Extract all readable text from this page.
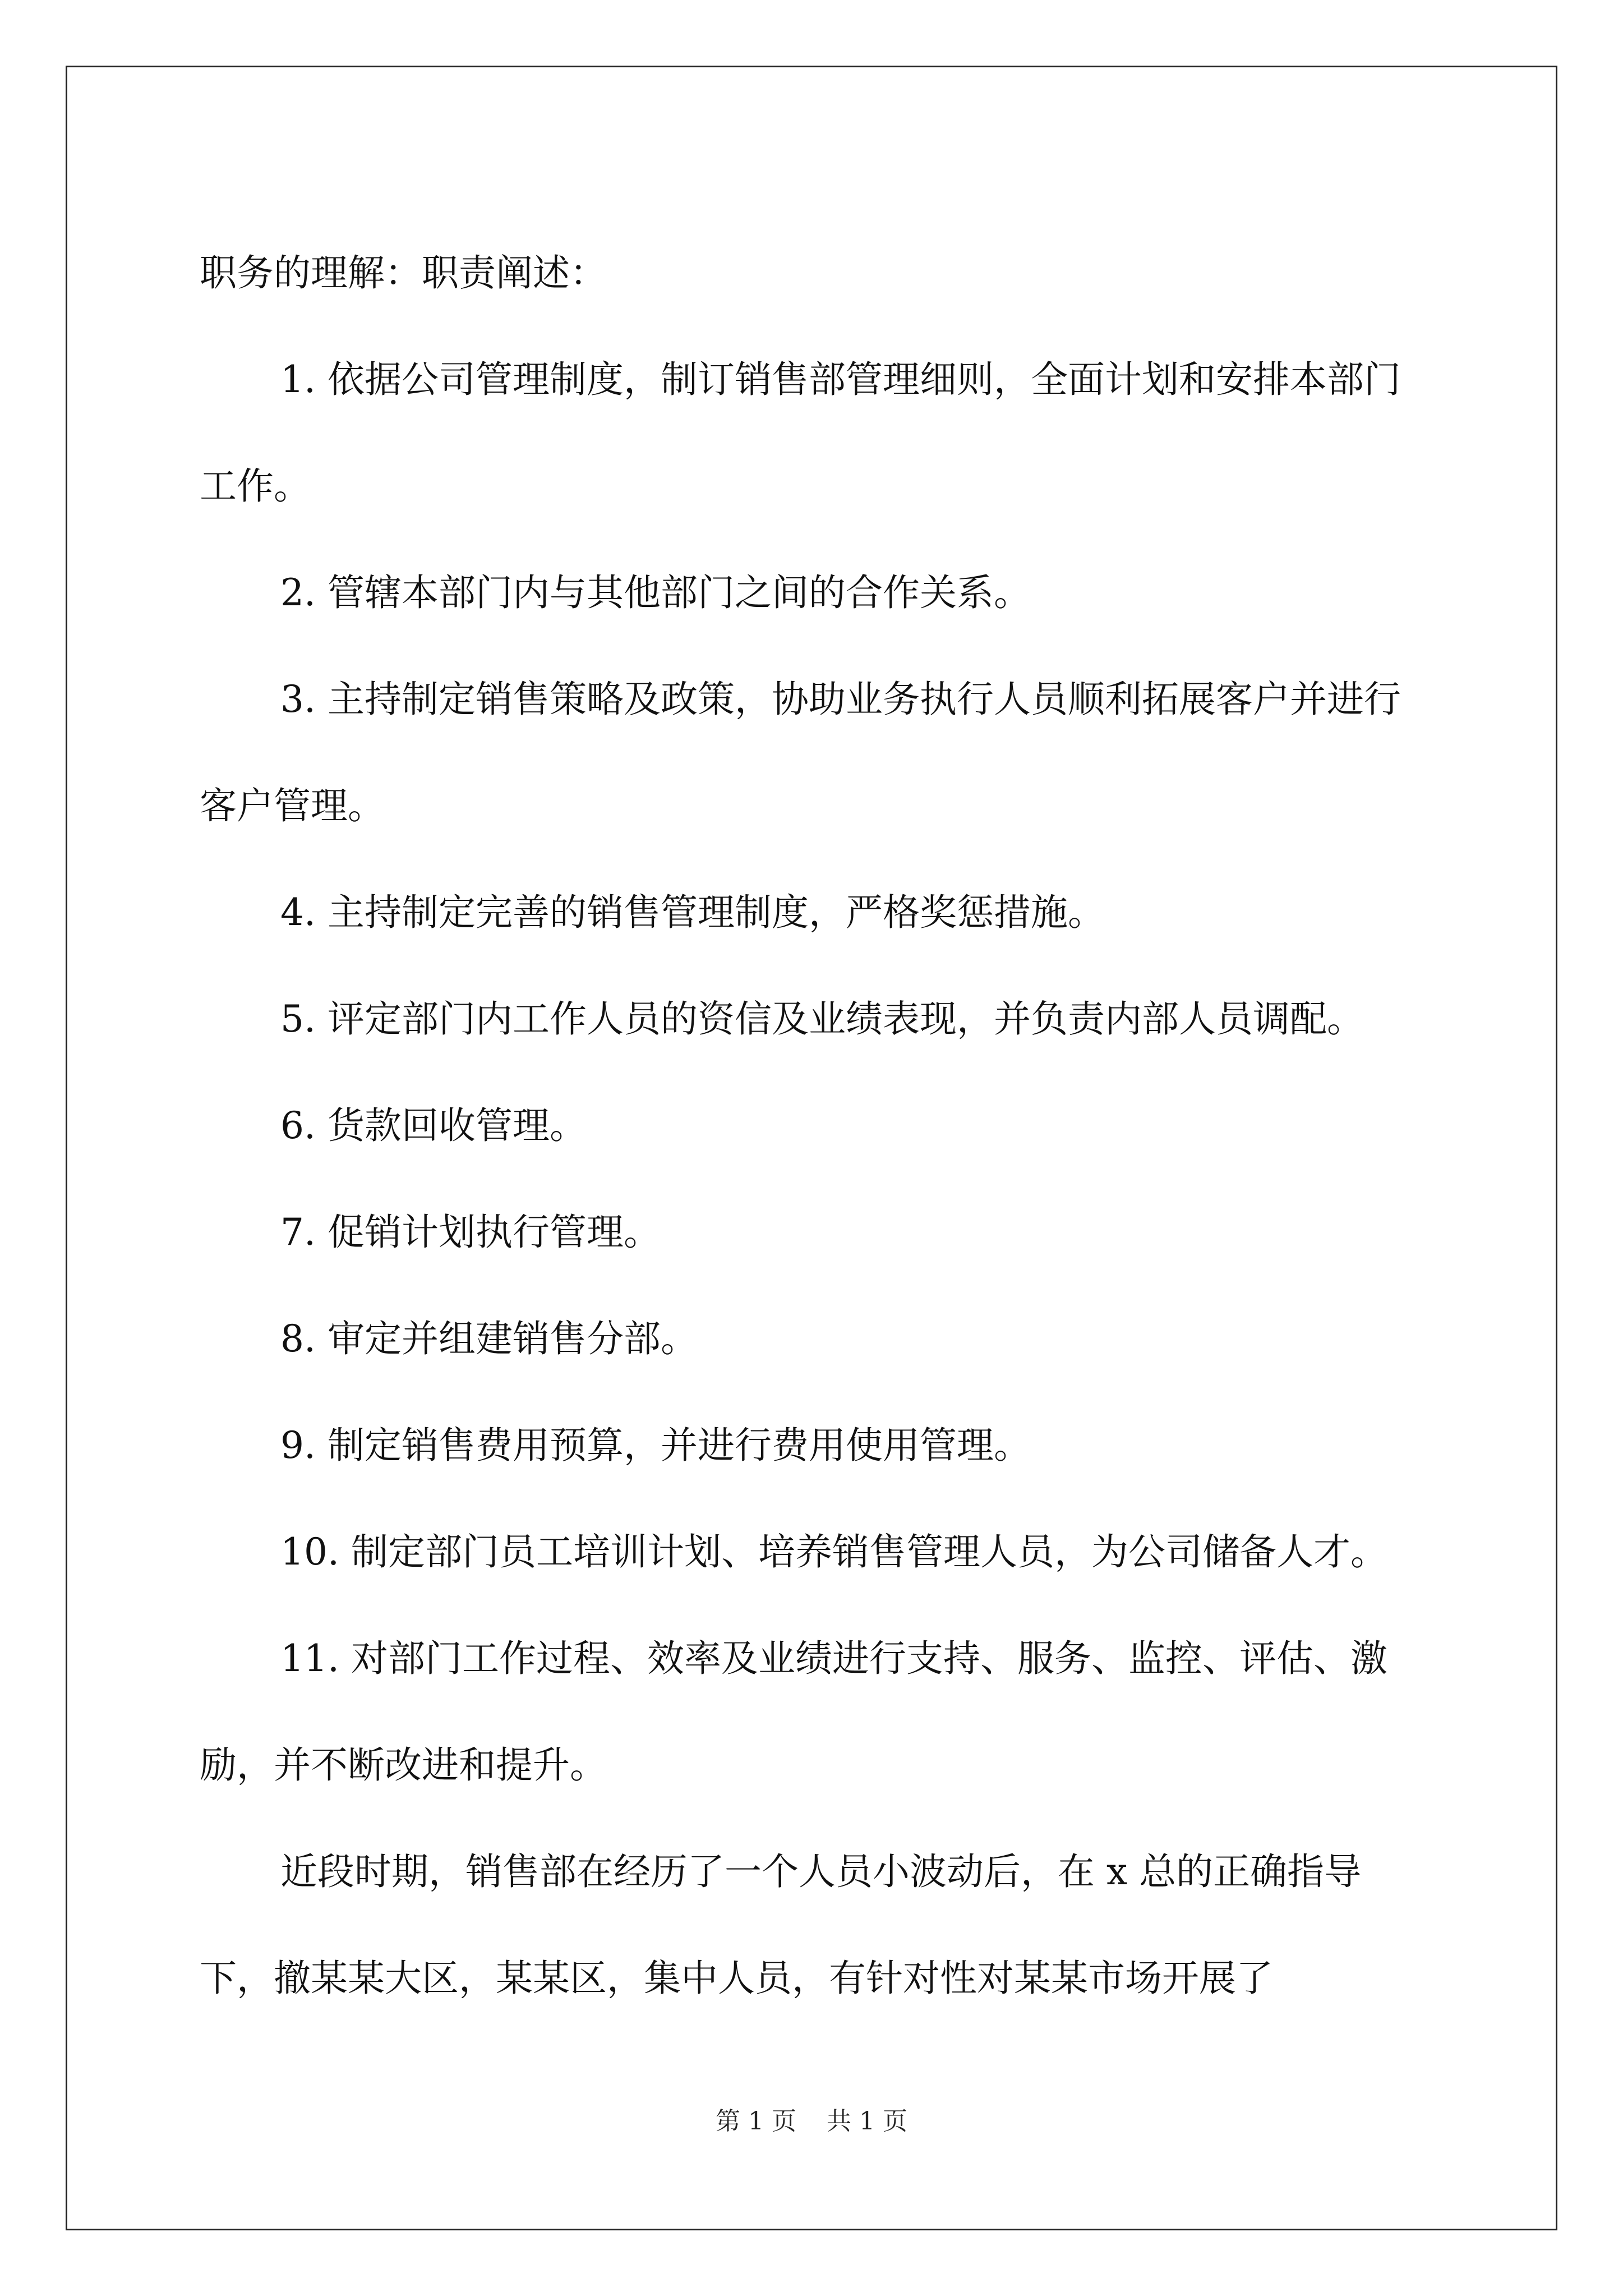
职务的理解：职责阐述：

1. 依据公司管理制度，制订销售部管理细则，全面计划和安排本部门工作。

2. 管辖本部门内与其他部门之间的合作关系。

3. 主持制定销售策略及政策，协助业务执行人员顺利拓展客户并进行客户管理。

4. 主持制定完善的销售管理制度，严格奖惩措施。

5. 评定部门内工作人员的资信及业绩表现，并负责内部人员调配。

6. 货款回收管理。

7. 促销计划执行管理。

8. 审定并组建销售分部。

9. 制定销售费用预算，并进行费用使用管理。

10. 制定部门员工培训计划、培养销售管理人员，为公司储备人才。

11. 对部门工作过程、效率及业绩进行支持、服务、监控、评估、激励，并不断改进和提升。

近段时期，销售部在经历了一个人员小波动后，在 x 总的正确指导下，撤某某大区，某某区，集中人员，有针对性对某某市场开展了

第 1 页 共 1 页
